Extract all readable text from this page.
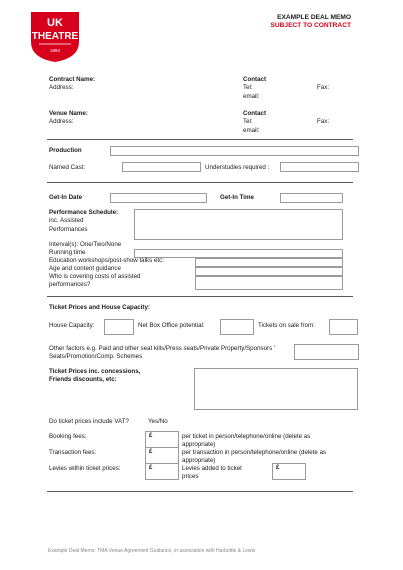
UK
THEATRE
1894
EXAMPLE DEAL MEMO
SUBJECT TO CONTRACT
Contract Name:
Address:
Contact
Tel:	Fax:
email:
Venue Name:
Address:
Contact
Tel:	Fax:
email:
Production
Named Cast:	Understudies required :
Get-In Date	Get-In Time
Performance Schedule:
inc. Assisted
Performances
Interval(s): One/Two/None
Running time
Education workshops/post-show talks etc:
Age and content guidance
Who is covering costs of assisted
performances?
Ticket Prices and House Capacity:
House Capacity:	Net Box Office potential:	Tickets on sale from:
Other factors e.g. Paid and other seat kills/Press seats/Private Property/Sponsors '
Seats/Promotion/Comp. Schemes
Ticket Prices inc. concessions,
Friends discounts, etc:
Do ticket prices include VAT?	Yes/No
Booking fees:	£	per ticket in person/telephone/online (delete as
appropriate)
Transaction fees:	£	per transaction in person/telephone/online (delete as
appropriate)
Levies within ticket prices:	£	Levies added to ticket
prices
£
Example Deal Memo: TMA Venue Agreement Guidance, in association with Harbottle & Lewis
